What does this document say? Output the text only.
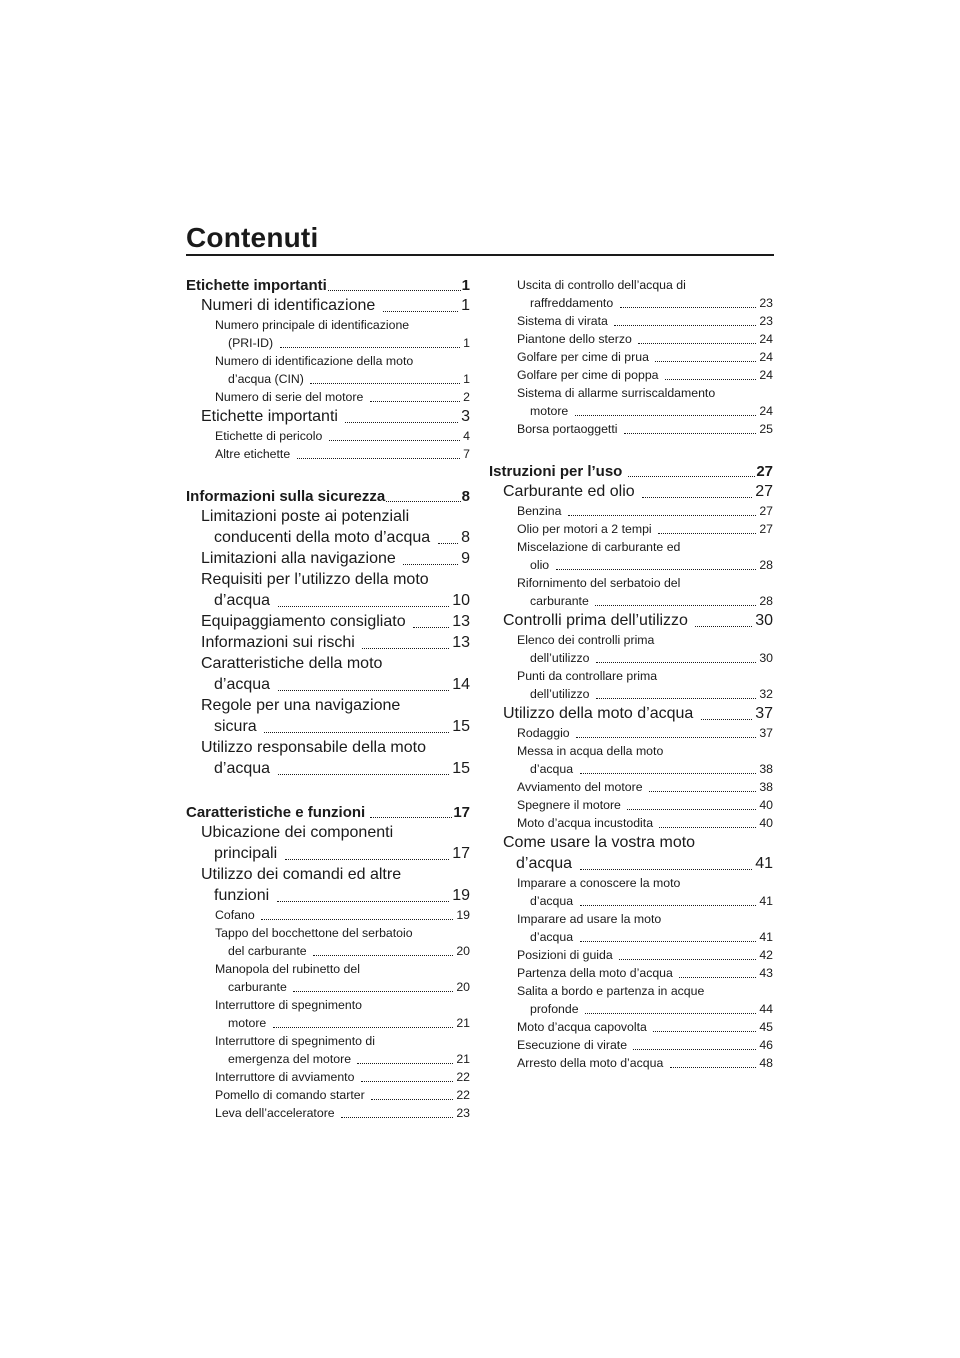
Contenuti
Etichette importanti	1
Numeri di identificazione	1
Numero principale di identificazione
(PRI-ID)	1
Numero di identificazione della moto
d’acqua (CIN)	1
Numero di serie del motore	2
Etichette importanti	3
Etichette di pericolo	4
Altre etichette	7
Informazioni sulla sicurezza	8
Limitazioni poste ai potenziali
conducenti della moto d’acqua 8
Limitazioni alla navigazione	9
Requisiti per l’utilizzo della moto
d’acqua	10
Equipaggiamento consigliato	13
Informazioni sui rischi	13
Caratteristiche della moto
d’acqua	14
Regole per una navigazione
sicura	15
Utilizzo responsabile della moto
d’acqua	15
Caratteristiche e funzioni	17
Ubicazione dei componenti
principali	17
Utilizzo dei comandi ed altre
funzioni	19
Cofano	19
Tappo del bocchettone del serbatoio
del carburante	20
Manopola del rubinetto del
carburante	20
Interruttore di spegnimento
motore	21
Interruttore di spegnimento di
emergenza del motore	21
Interruttore di avviamento	22
Pomello di comando starter	22
Leva dell’acceleratore	23
Uscita di controllo dell’acqua di
raffreddamento	23
Sistema di virata	23
Piantone dello sterzo	24
Golfare per cime di prua	24
Golfare per cime di poppa	24
Sistema di allarme surriscaldamento
motore	24
Borsa portaoggetti	25
Istruzioni per l’uso	27
Carburante ed olio	27
Benzina	27
Olio per motori a 2 tempi	27
Miscelazione di carburante ed
olio	28
Rifornimento del serbatoio del
carburante	28
Controlli prima dell’utilizzo	30
Elenco dei controlli prima
dell’utilizzo	30
Punti da controllare prima
dell’utilizzo	32
Utilizzo della moto d’acqua	37
Rodaggio	37
Messa in acqua della moto
d’acqua	38
Avviamento del motore	38
Spegnere il motore	40
Moto d’acqua incustodita	40
Come usare la vostra moto
d’acqua	41
Imparare a conoscere la moto
d’acqua	41
Imparare ad usare la moto
d’acqua	41
Posizioni di guida	42
Partenza della moto d’acqua	43
Salita a bordo e partenza in acque
profonde	44
Moto d’acqua capovolta	45
Esecuzione di virate	46
Arresto della moto d’acqua	48
